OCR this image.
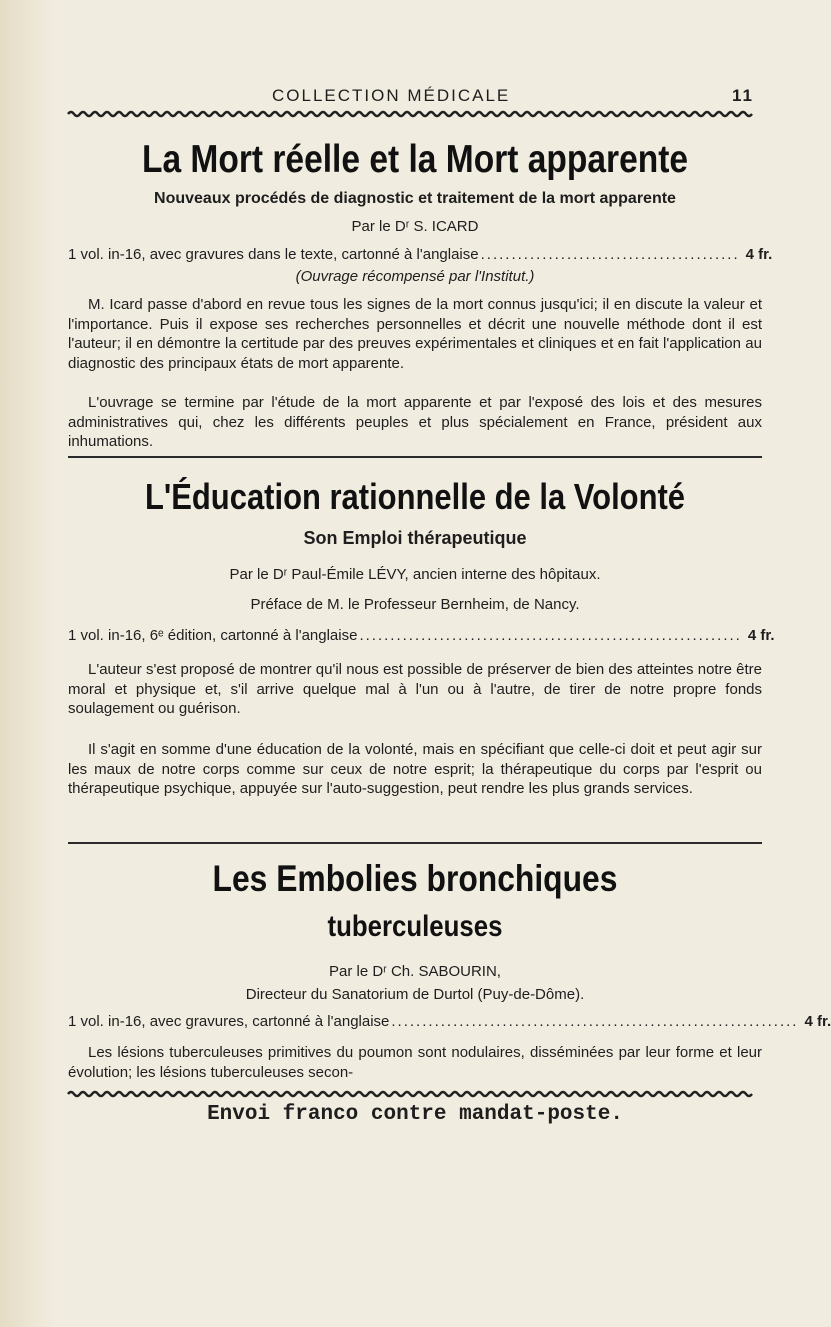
COLLECTION MÉDICALE	11
La Mort réelle et la Mort apparente
Nouveaux procédés de diagnostic et traitement de la mort apparente
Par le Dʳ S. ICARD
1 vol. in-16, avec gravures dans le texte, cartonné à l'anglaise .......................................... 4 fr.
(Ouvrage récompensé par l'Institut.)

M. Icard passe d'abord en revue tous les signes de la mort connus jusqu'ici; il en discute la valeur et l'importance. Puis il expose ses recherches personnelles et décrit une nouvelle méthode dont il est l'auteur; il en démontre la certitude par des preuves expérimentales et cliniques et en fait l'application au diagnostic des principaux états de mort apparente.

L'ouvrage se termine par l'étude de la mort apparente et par l'exposé des lois et des mesures administratives qui, chez les différents peuples et plus spécialement en France, président aux inhumations.

L'Éducation rationnelle de la Volonté
Son Emploi thérapeutique
Par le Dʳ Paul-Émile LÉVY, ancien interne des hôpitaux.
Préface de M. le Professeur Bernheim, de Nancy.
1 vol. in-16, 6ᵉ édition, cartonné à l'anglaise .............................................................. 4 fr.

L'auteur s'est proposé de montrer qu'il nous est possible de préserver de bien des atteintes notre être moral et physique et, s'il arrive quelque mal à l'un ou à l'autre, de tirer de notre propre fonds soulagement ou guérison.

Il s'agit en somme d'une éducation de la volonté, mais en spécifiant que celle-ci doit et peut agir sur les maux de notre corps comme sur ceux de notre esprit; la thérapeutique du corps par l'esprit ou thérapeutique psychique, appuyée sur l'auto-suggestion, peut rendre les plus grands services.

Les Embolies bronchiques
tuberculeuses
Par le Dʳ Ch. SABOURIN,
Directeur du Sanatorium de Durtol (Puy-de-Dôme).
1 vol. in-16, avec gravures, cartonné à l'anglaise .................................................................. 4 fr.

Les lésions tuberculeuses primitives du poumon sont nodulaires, disséminées par leur forme et leur évolution; les lésions tuberculeuses secon-

Envoi franco contre mandat-poste.
